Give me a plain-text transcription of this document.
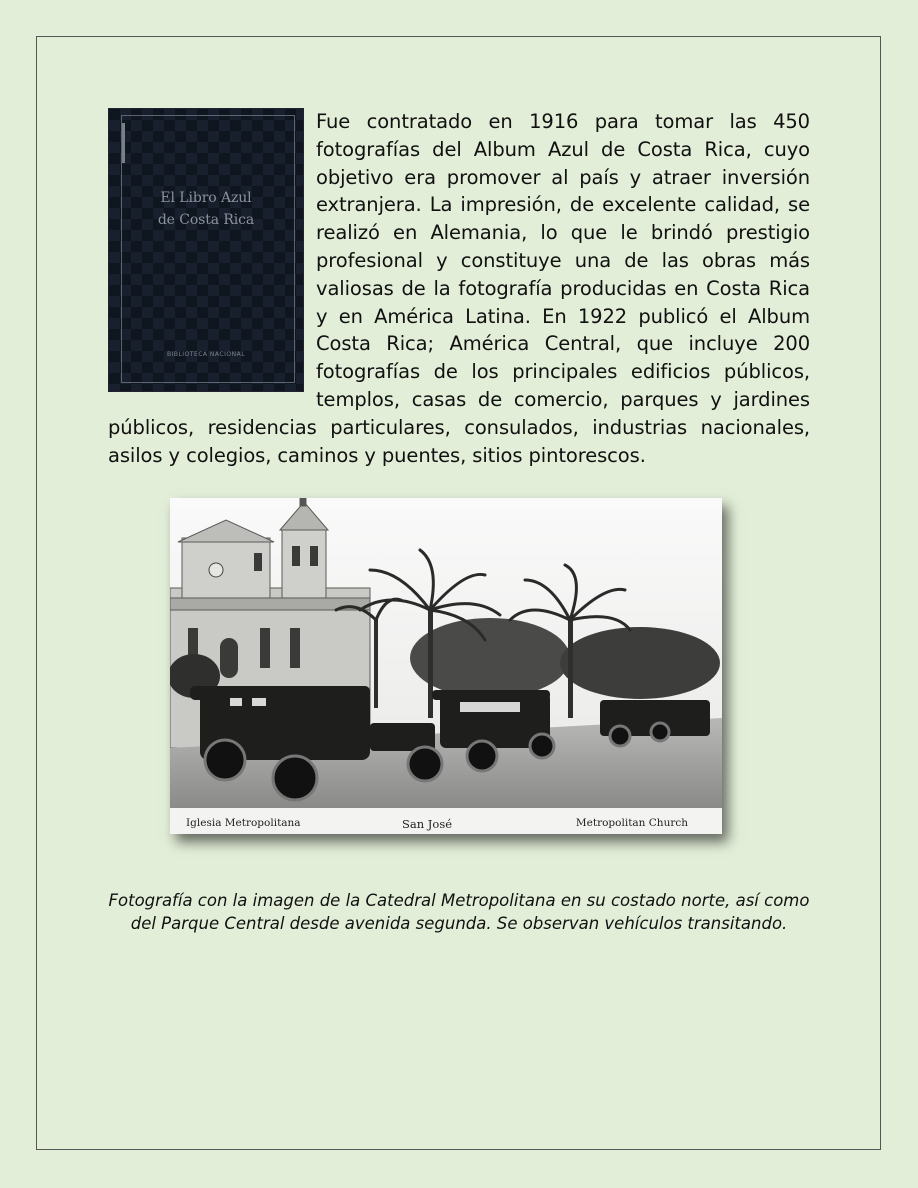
El Libro Azul
de Costa Rica
BIBLIOTECA NACIONAL
Fue contratado en 1916 para tomar las 450 fotografías del Album Azul de Costa Rica, cuyo objetivo era promover al país y atraer inversión extranjera. La impresión, de excelente calidad, se realizó en Alemania, lo que le brindó prestigio profesional y constituye una de las obras más valiosas de la fotografía producidas en Costa Rica y en América Latina. En 1922 publicó el Album Costa Rica; América Central, que incluye 200 fotografías de los principales edificios públicos, templos, casas de comercio, parques y jardines públicos, residencias particulares, consulados, industrias nacionales, asilos y colegios, caminos y puentes, sitios pintorescos.
Iglesia Metropolitana	San José	Metropolitan Church
Fotografía con la imagen de la Catedral Metropolitana en su costado norte, así como del Parque Central desde avenida segunda. Se observan vehículos transitando.
